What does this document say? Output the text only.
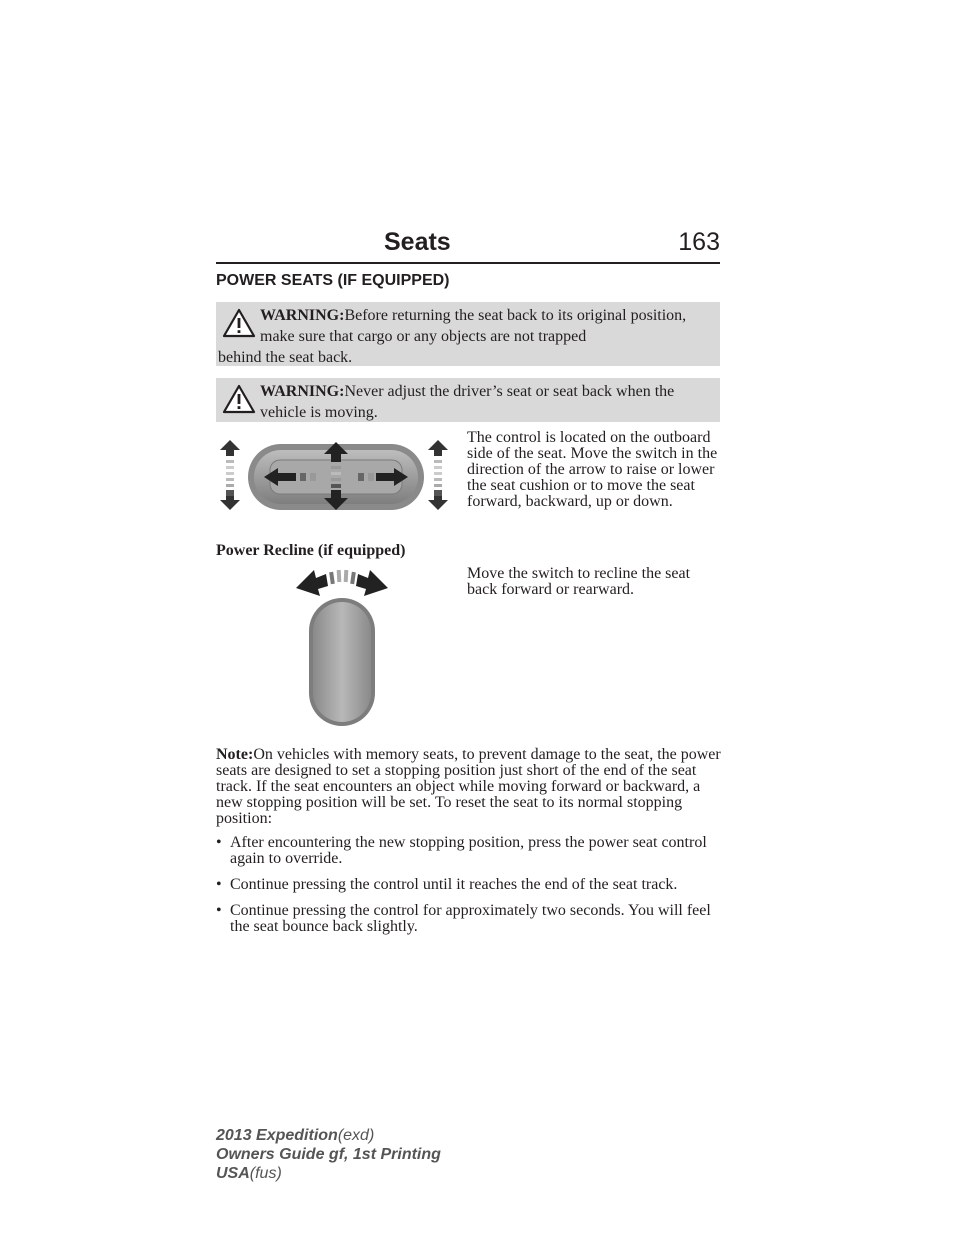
Seats	163
POWER SEATS (IF EQUIPPED)
WARNING:Before returning the seat back to its original position, make sure that cargo or any objects are not trapped
behind the seat back.
WARNING:Never adjust the driver’s seat or seat back when the vehicle is moving.
The control is located on the outboard side of the seat. Move the switch in the direction of the arrow to raise or lower the seat cushion or to move the seat forward, backward, up or down.
Power Recline (if equipped)
Move the switch to recline the seat back forward or rearward.
Note:On vehicles with memory seats, to prevent damage to the seat, the power seats are designed to set a stopping position just short of the end of the seat track. If the seat encounters an object while moving forward or backward, a new stopping position will be set. To reset the seat to its normal stopping position:
• After encountering the new stopping position, press the power seat control again to override.
• Continue pressing the control until it reaches the end of the seat track.
• Continue pressing the control for approximately two seconds. You will feel the seat bounce back slightly.
2013 Expedition(exd)
Owners Guide gf, 1st Printing
USA(fus)
